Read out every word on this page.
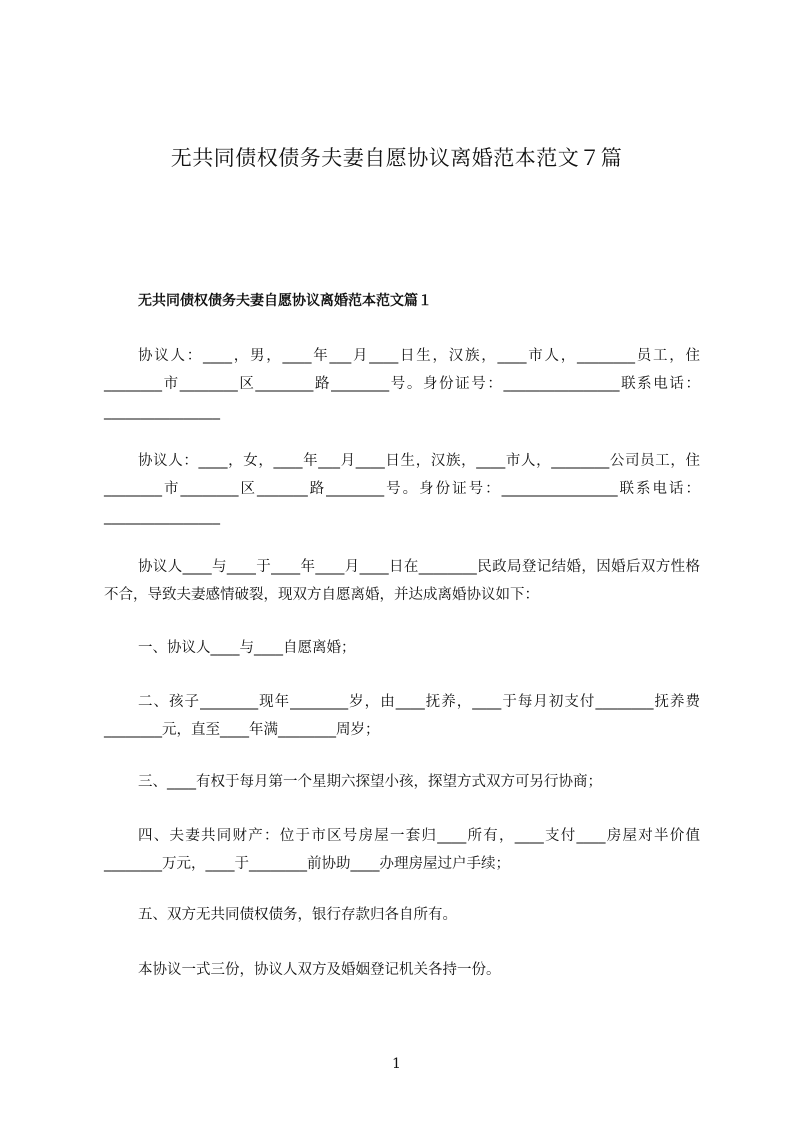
无共同债权债务夫妻自愿协议离婚范本范文７篇
无共同债权债务夫妻自愿协议离婚范本范文篇１

协议人：____，男，____年___月____日生，汉族，____市人，________员工，住________市________区________路________号。身份证号：________________联系电话：________________

协议人：____，女，____年___月____日生，汉族，____市人，________公司员工，住________市________区_______路________号。身份证号：________________联系电话：________________

协议人____与____于____年____月____日在________民政局登记结婚，因婚后双方性格不合，导致夫妻感情破裂，现双方自愿离婚，并达成离婚协议如下：

一、协议人____与____自愿离婚；

二、孩子________现年________岁，由____抚养，____于每月初支付________抚养费________元，直至____年满________周岁；

三、____有权于每月第一个星期六探望小孩，探望方式双方可另行协商；

四、夫妻共同财产：位于市区号房屋一套归____所有，____支付____房屋对半价值________万元，____于________前协助____办理房屋过户手续；

五、双方无共同债权债务，银行存款归各自所有。

本协议一式三份，协议人双方及婚姻登记机关各持一份。

1
